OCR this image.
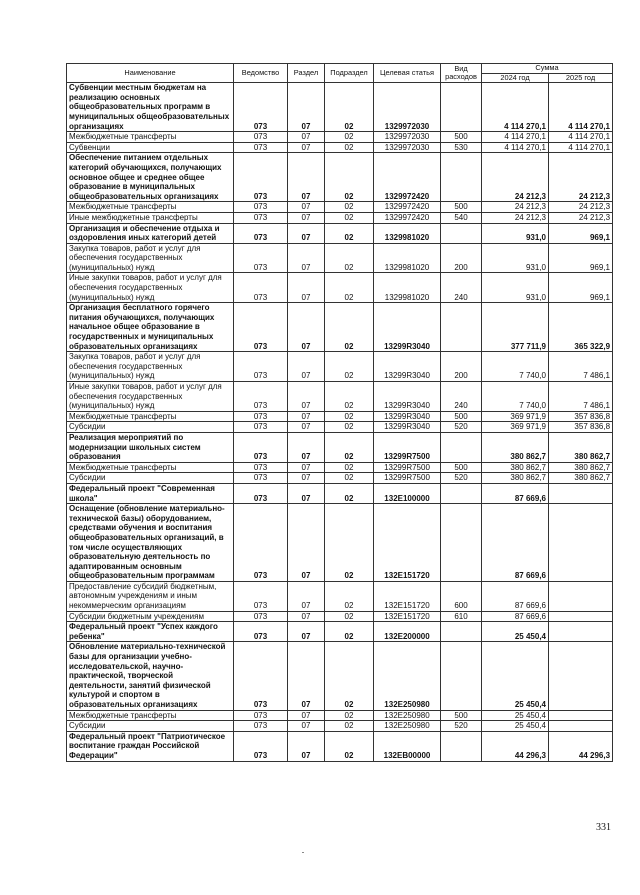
Наименование	Ведомство	Раздел	Подраздел	Целевая статья	Вид расходов	Сумма	
						2024 год	2025 год
Субвенции местным бюджетам на реализацию основных общеобразовательных программ в муниципальных общеобразовательных организациях	073	07	02	1329972030		4 114 270,1	4 114 270,1
Межбюджетные трансферты	073	07	02	1329972030	500	4 114 270,1	4 114 270,1
Субвенции	073	07	02	1329972030	530	4 114 270,1	4 114 270,1
Обеспечение питанием отдельных категорий обучающихся, получающих основное общее и среднее общее образование в муниципальных общеобразовательных организациях	073	07	02	1329972420		24 212,3	24 212,3
Межбюджетные трансферты	073	07	02	1329972420	500	24 212,3	24 212,3
Иные межбюджетные трансферты	073	07	02	1329972420	540	24 212,3	24 212,3
Организация и обеспечение отдыха и оздоровления иных категорий детей	073	07	02	1329981020		931,0	969,1
Закупка товаров, работ и услуг для обеспечения государственных (муниципальных) нужд	073	07	02	1329981020	200	931,0	969,1
Иные закупки товаров, работ и услуг для обеспечения государственных (муниципальных) нужд	073	07	02	1329981020	240	931,0	969,1
Организация бесплатного горячего питания обучающихся, получающих начальное общее образование в государственных и муниципальных образовательных организациях	073	07	02	13299R3040		377 711,9	365 322,9
Закупка товаров, работ и услуг для обеспечения государственных (муниципальных) нужд	073	07	02	13299R3040	200	7 740,0	7 486,1
Иные закупки товаров, работ и услуг для обеспечения государственных (муниципальных) нужд	073	07	02	13299R3040	240	7 740,0	7 486,1
Межбюджетные трансферты	073	07	02	13299R3040	500	369 971,9	357 836,8
Субсидии	073	07	02	13299R3040	520	369 971,9	357 836,8
Реализация мероприятий по модернизации школьных систем образования	073	07	02	13299R7500		380 862,7	380 862,7
Межбюджетные трансферты	073	07	02	13299R7500	500	380 862,7	380 862,7
Субсидии	073	07	02	13299R7500	520	380 862,7	380 862,7
Федеральный проект "Современная школа"	073	07	02	132E100000		87 669,6	
Оснащение (обновление материально-технической базы) оборудованием, средствами обучения и воспитания общеобразовательных организаций, в том числе осуществляющих образовательную деятельность по адаптированным основным общеобразовательным программам	073	07	02	132E151720		87 669,6	
Предоставление субсидий бюджетным, автономным учреждениям и иным некоммерческим организациям	073	07	02	132E151720	600	87 669,6	
Субсидии бюджетным учреждениям	073	07	02	132E151720	610	87 669,6	
Федеральный проект "Успех каждого ребенка"	073	07	02	132E200000		25 450,4	
Обновление материально-технической базы для организации учебно-исследовательской, научно-практической, творческой деятельности, занятий физической культурой и спортом в образовательных организациях	073	07	02	132E250980		25 450,4	
Межбюджетные трансферты	073	07	02	132E250980	500	25 450,4	
Субсидии	073	07	02	132E250980	520	25 450,4	
Федеральный проект "Патриотическое воспитание граждан Российской Федерации"	073	07	02	132EB00000		44 296,3	44 296,3
331
